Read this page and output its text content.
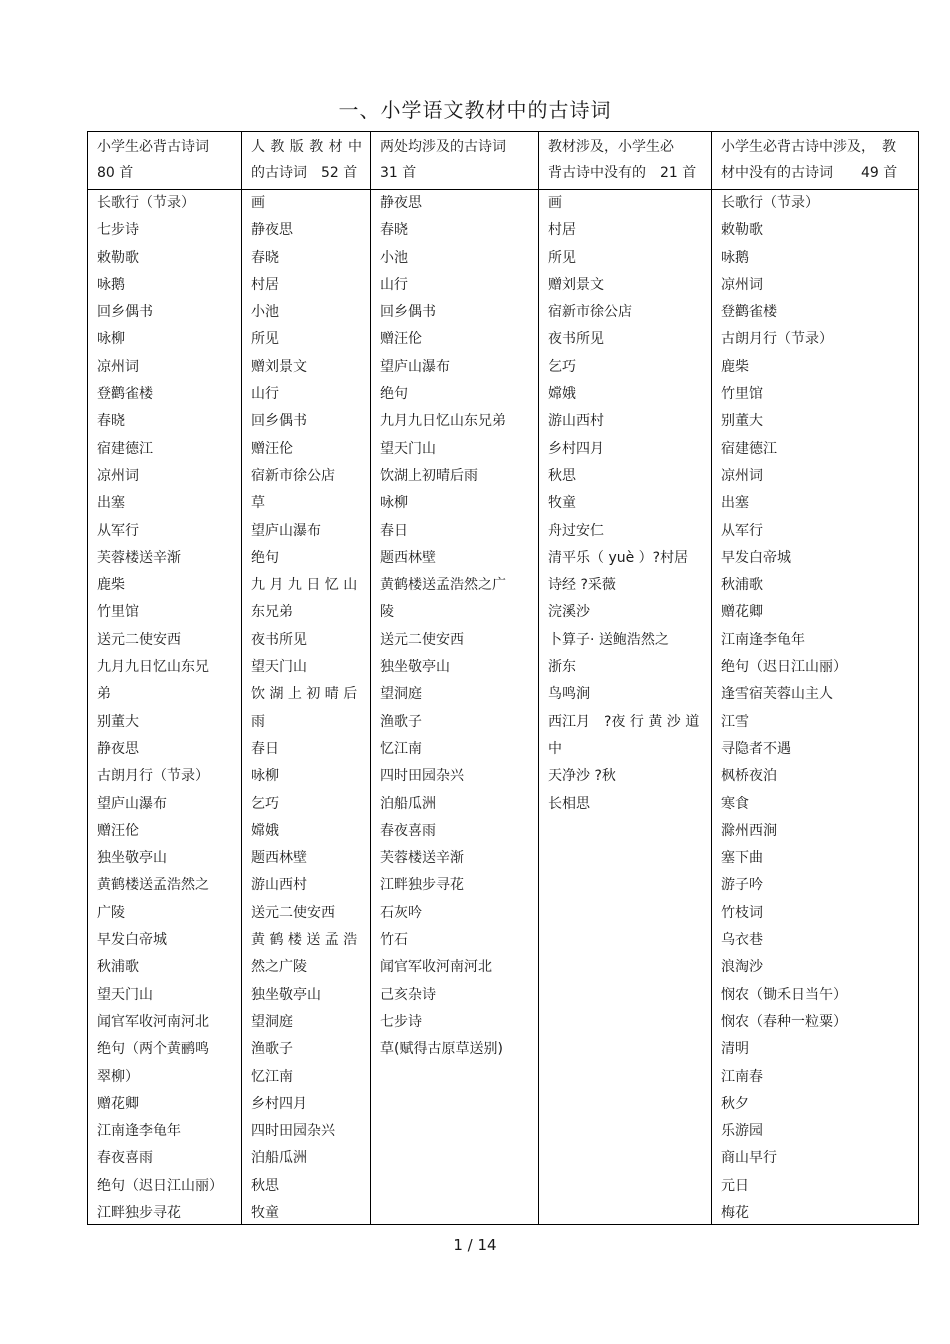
一、小学语文教材中的古诗词
小学生必背古诗词
80 首
长歌行（节录）
七步诗
敕勒歌
咏鹅
回乡偶书
咏柳
凉州词
登鹳雀楼
春晓
宿建德江
凉州词
出塞
从军行
芙蓉楼送辛渐
鹿柴
竹里馆
送元二使安西
九月九日忆山东兄
弟
别董大
静夜思
古朗月行（节录）
望庐山瀑布
赠汪伦
独坐敬亭山
黄鹤楼送孟浩然之
广陵
早发白帝城
秋浦歌
望天门山
闻官军收河南河北
绝句（两个黄鹂鸣
翠柳）
赠花卿
江南逢李龟年
春夜喜雨
绝句（迟日江山丽）
江畔独步寻花
人 教 版 教 材 中
的古诗词　52 首
画
静夜思
春晓
村居
小池
所见
赠刘景文
山行
回乡偶书
赠汪伦
宿新市徐公店
草
望庐山瀑布
绝句
九 月 九 日 忆 山
东兄弟
夜书所见
望天门山
饮 湖 上 初 晴 后
雨
春日
咏柳
乞巧
嫦娥
题西林壁
游山西村
送元二使安西
黄 鹤 楼 送 孟 浩
然之广陵
独坐敬亭山
望洞庭
渔歌子
忆江南
乡村四月
四时田园杂兴
泊船瓜洲
秋思
牧童
两处均涉及的古诗词
31 首
静夜思
春晓
小池
山行
回乡偶书
赠汪伦
望庐山瀑布
绝句
九月九日忆山东兄弟
望天门山
饮湖上初晴后雨
咏柳
春日
题西林壁
黄鹤楼送孟浩然之广
陵
送元二使安西
独坐敬亭山
望洞庭
渔歌子
忆江南
四时田园杂兴
泊船瓜洲
春夜喜雨
芙蓉楼送辛渐
江畔独步寻花
石灰吟
竹石
闻官军收河南河北
己亥杂诗
七步诗
草(赋得古原草送别)
教材涉及，小学生必
背古诗中没有的　21 首
画
村居
所见
赠刘景文
宿新市徐公店
夜书所见
乞巧
嫦娥
游山西村
乡村四月
秋思
牧童
舟过安仁
清平乐（ yuè ）?村居
诗经 ?采薇
浣溪沙
卜算子· 送鲍浩然之
浙东
鸟鸣涧
西江月　?夜 行 黄 沙 道
中
天净沙 ?秋
长相思
小学生必背古诗中涉及，　教
材中没有的古诗词　　49 首
长歌行（节录）
敕勒歌
咏鹅
凉州词
登鹳雀楼
古朗月行（节录）
鹿柴
竹里馆
别董大
宿建德江
凉州词
出塞
从军行
早发白帝城
秋浦歌
赠花卿
江南逢李龟年
绝句（迟日江山丽）
逢雪宿芙蓉山主人
江雪
寻隐者不遇
枫桥夜泊
寒食
滁州西涧
塞下曲
游子吟
竹枝词
乌衣巷
浪淘沙
悯农（锄禾日当午）
悯农（春种一粒粟）
清明
江南春
秋夕
乐游园
商山早行
元日
梅花
1 / 14
